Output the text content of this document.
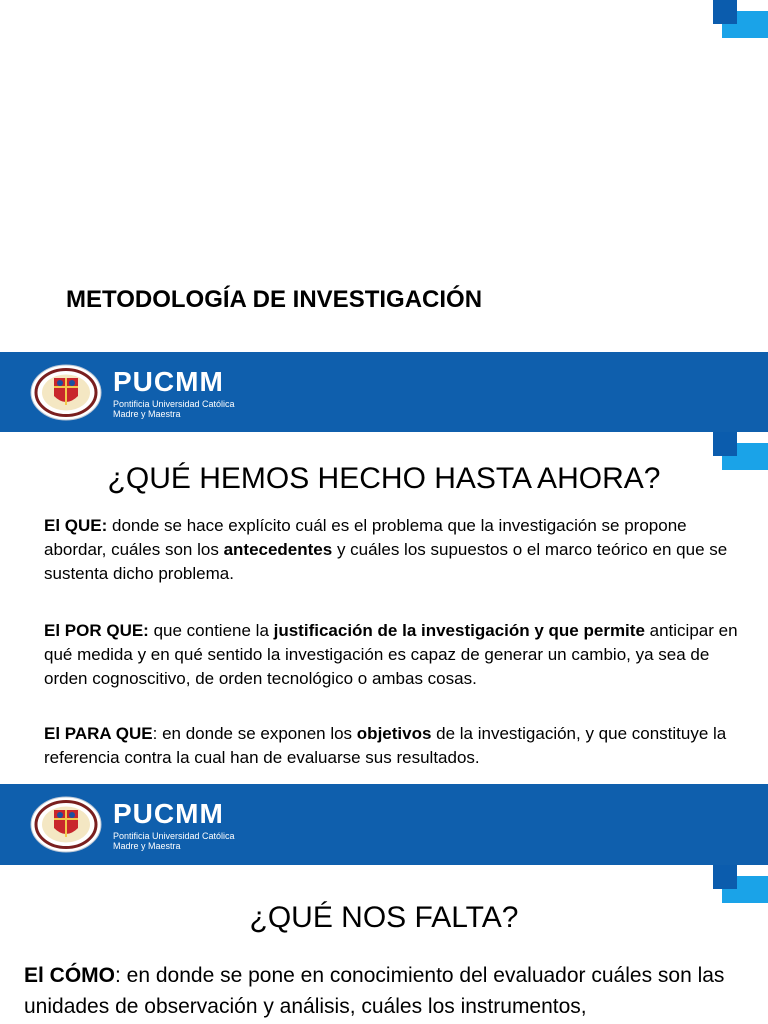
METODOLOGÍA DE INVESTIGACIÓN
PUCMM
Pontificia Universidad Católica
Madre y Maestra
¿QUÉ HEMOS HECHO HASTA AHORA?
El QUE: donde se hace explícito cuál es el problema que la investigación se propone abordar, cuáles son los antecedentes y cuáles los supuestos o el marco teórico en que se sustenta dicho problema.
El POR QUE: que contiene la justificación de la investigación y que permite anticipar en qué medida y en qué sentido la investigación es capaz de generar un cambio, ya sea de orden cognoscitivo, de orden tecnológico o ambas cosas.
El PARA QUE: en donde se exponen los objetivos de la investigación, y que constituye la referencia contra la cual han de evaluarse sus resultados.
PUCMM
Pontificia Universidad Católica
Madre y Maestra
¿QUÉ NOS FALTA?
El CÓMO: en donde se pone en conocimiento del evaluador cuáles son las unidades de observación y análisis, cuáles los instrumentos,
